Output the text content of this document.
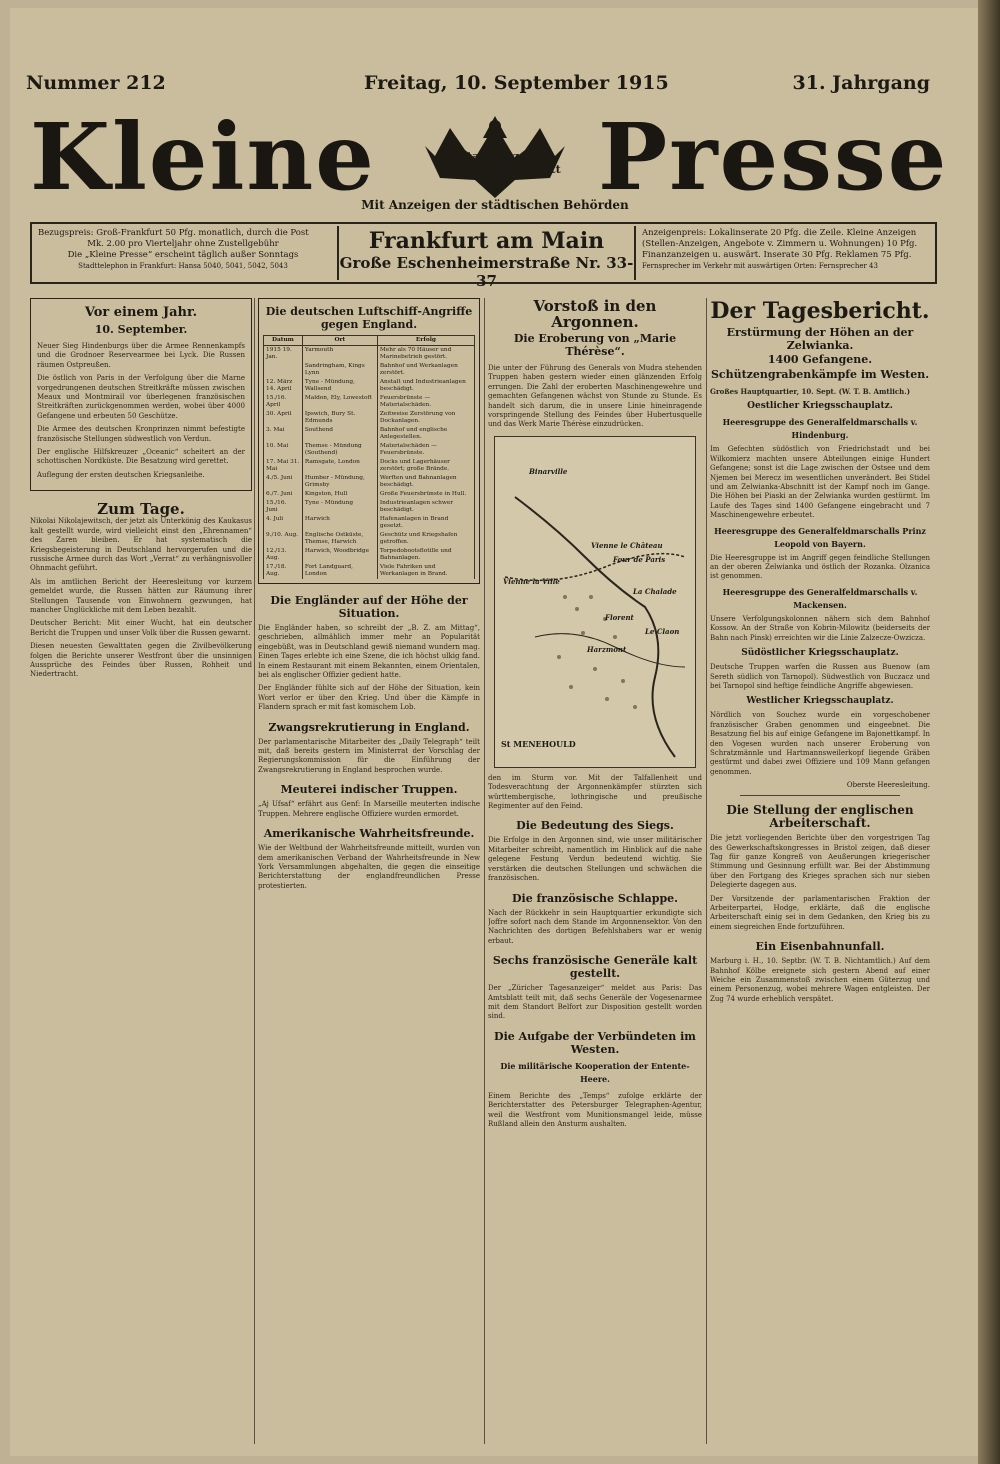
Nummer 212	Freitag, 10. September 1915	31. Jahrgang
Kleine Presse
Stadt-Anzeiger
und Fremdenblatt
Mit Anzeigen der städtischen Behörden
Bezugspreis: Groß-Frankfurt 50 Pfg. monatlich, durch die Post
Mk. 2.00 pro Vierteljahr ohne Zustellgebühr
Die „Kleine Presse“ erscheint täglich außer Sonntags
Stadttelephon in Frankfurt: Hansa 5040, 5041, 5042, 5043
Frankfurt am Main
Große Eschenheimerstraße Nr. 33-37
Anzeigenpreis: Lokalinserate 20 Pfg. die Zeile. Kleine Anzeigen
(Stellen-Anzeigen, Angebote v. Zimmern u. Wohnungen) 10 Pfg.
Finanzanzeigen u. auswärt. Inserate 30 Pfg. Reklamen 75 Pfg.
Fernsprecher im Verkehr mit auswärtigen Orten: Fernsprecher 43
Vor einem Jahr.
10. September.

Neuer Sieg Hindenburgs über die Armee Rennenkampfs und die Grodnoer Reservearmee bei Lyck. Die Russen räumen Ostpreußen.

Die östlich von Paris in der Verfolgung über die Marne vorgedrungenen deutschen Streitkräfte müssen zwischen Meaux und Montmirail vor überlegenen französischen Streitkräften zurückgenommen werden, wobei über 4000 Gefangene und erbeuten 50 Geschütze.

Die Armee des deutschen Kronprinzen nimmt befestigte französische Stellungen südwestlich von Verdun.

Der englische Hilfskreuzer „Oceanic“ scheitert an der schottischen Nordküste. Die Besatzung wird gerettet.

Auflegung der ersten deutschen Kriegsanleihe.

Zum Tage.

Nikolai Nikolajewitsch, der jetzt als Unterkönig des Kaukasus kalt gestellt wurde, wird vielleicht einst den „Ehrennamen“ des Zaren bleiben. Er hat systematisch die Kriegsbegeisterung in Deutschland hervorgerufen und die russische Armee durch das Wort „Verrat“ zu verhängnisvoller Ohnmacht geführt.

Als im amtlichen Bericht der Heeresleitung vor kurzem gemeldet wurde, die Russen hätten zur Räumung ihrer Stellungen Tausende von Einwohnern gezwungen, hat mancher Unglückliche mit dem Leben bezahlt.

Deutscher Bericht: Mit einer Wucht, hat ein deutscher Bericht die Truppen und unser Volk über die Russen gewarnt.

Diesen neuesten Gewalttaten gegen die Zivilbevölkerung folgen die Berichte unserer Westfront über die unsinnigen Aussprüche des Feindes über Russen, Rohheit und Niedertracht.

Die deutschen Luftschiff-Angriffe gegen England.
Datum	Ort	Erfolg
1915 19. Jan.	Yarmouth	Mehr als 70 Häuser und Marinebetrieb gestört.
	Sandringham, Kings Lynn	Bahnhof und Werkanlagen zerstört.
12. März 14. April	Tyne - Mündung, Wallsend	Anstalt und Industrieanlagen beschädigt.
15./16. April	Maldon, Ely, Lowestoft	Feuersbrünste — Materialschäden.
30. April	Ipswich, Bury St. Edmunds	Zeitweise Zerstörung von Dockanlagen.
3. Mai	Southend	Bahnhof und englische Anlegestellen.
10. Mai	Themse - Mündung (Southend)	Materialschäden — Feuersbrünste.
17. Mai 31. Mai	Ramsgate, London	Docks und Lagerhäuser zerstört; große Brände.
4./5. Juni	Humber - Mündung, Grimsby	Werften und Bahnanlagen beschädigt.
6./7. Juni	Kingston, Hull	Große Feuersbrünste in Hull.
15./16. Juni	Tyne - Mündung	Industrieanlagen schwer beschädigt.
4. Juli	Harwich	Hafenanlagen in Brand gesetzt.
9./10. Aug.	Englische Ostküste, Themse, Harwich	Geschütz und Kriegshafen getroffen.
12./13. Aug.	Harwich, Woodbridge	Torpedobootsflotille und Bahnanlagen.
17./18. Aug.	Fort Landguard, London	Viele Fabriken und Werkanlagen in Brand.
Die Engländer auf der Höhe der Situation.

Die Engländer haben, so schreibt der „B. Z. am Mittag“, geschrieben, allmählich immer mehr an Popularität eingebüßt, was in Deutschland gewiß niemand wundern mag. Einen Tages erlebte ich eine Szene, die ich höchst ulkig fand. In einem Restaurant mit einem Bekannten, einem Orientalen, bei als englischer Offizier gedient hatte.

Der Engländer fühlte sich auf der Höhe der Situation, kein Wort verlor er über den Krieg. Und über die Kämpfe in Flandern sprach er mit fast komischem Lob.

Zwangsrekrutierung in England.

Der parlamentarische Mitarbeiter des „Daily Telegraph“ teilt mit, daß bereits gestern im Ministerrat der Vorschlag der Regierungskommission für die Einführung der Zwangsrekrutierung in England besprochen wurde.

Meuterei indischer Truppen.

„Aj Ufsaf“ erfährt aus Genf: In Marseille meuterten indische Truppen. Mehrere englische Offiziere wurden ermordet.

Amerikanische Wahrheitsfreunde.

Wie der Weltbund der Wahrheitsfreunde mitteilt, wurden von dem amerikanischen Verband der Wahrheitsfreunde in New York Versammlungen abgehalten, die gegen die einseitige Berichterstattung der englandfreundlichen Presse protestierten.

Vorstoß in den Argonnen.
Die Eroberung von „Marie Thérèse“.

Die unter der Führung des Generals von Mudra stehenden Truppen haben gestern wieder einen glänzenden Erfolg errungen. Die Zahl der eroberten Maschinengewehre und gemachten Gefangenen wächst von Stunde zu Stunde. Es handelt sich darum, die in unsere Linie hineinragende vorspringende Stellung des Feindes über Hubertusquelle und das Werk Marie Thérèse einzudrücken.

Binarville
Vienne le Château
Four de Paris
La Chalade
Vienne la Ville
Le Claon
Florent
Harzmont
St MENEHOULD

den im Sturm vor. Mit der Talfallenheit und Todesverachtung der Argonnenkämpfer stürzten sich württembergische, lothringische und preußische Regimenter auf den Feind.

Die Bedeutung des Siegs.

Die Erfolge in den Argonnen sind, wie unser militärischer Mitarbeiter schreibt, namentlich im Hinblick auf die nahe gelegene Festung Verdun bedeutend wichtig. Sie verstärken die deutschen Stellungen und schwächen die französischen.

Die französische Schlappe.

Nach der Rückkehr in sein Hauptquartier erkundigte sich Joffre sofort nach dem Stande im Argonnensektor. Von den Nachrichten des dortigen Befehlshabers war er wenig erbaut.

Sechs französische Generäle kalt gestellt.

Der „Züricher Tagesanzeiger“ meldet aus Paris: Das Amtsblatt teilt mit, daß sechs Generäle der Vogesenarmee mit dem Standort Belfort zur Disposition gestellt worden sind.

Die Aufgabe der Verbündeten im Westen.
Die militärische Kooperation der Entente-Heere.

Einem Berichte des „Temps“ zufolge erklärte der Berichterstatter des Petersburger Telegraphen-Agentur, weil die Westfront vom Munitionsmangel leide, müsse Rußland allein den Ansturm aushalten.

Der Tagesbericht.
Erstürmung der Höhen an der Zelwianka.
1400 Gefangene.
Schützengrabenkämpfe im Westen.

Großes Hauptquartier, 10. Sept. (W. T. B. Amtlich.)

Oestlicher Kriegsschauplatz.
Heeresgruppe des Generalfeldmarschalls v. Hindenburg.

Im Gefechten südöstlich von Friedrichstadt und bei Wilkomierz machten unsere Abteilungen einige Hundert Gefangene; sonst ist die Lage zwischen der Ostsee und dem Njemen bei Merecz im wesentlichen unverändert. Bei Stidel und am Zelwianka-Abschnitt ist der Kampf noch im Gange. Die Höhen bei Piaski an der Zelwianka wurden gestürmt. Im Laufe des Tages sind 1400 Gefangene eingebracht und 7 Maschinengewehre erbeutet.

Heeresgruppe des Generalfeldmarschalls Prinz Leopold von Bayern.

Die Heeresgruppe ist im Angriff gegen feindliche Stellungen an der oberen Zelwianka und östlich der Rozanka. Olzanica ist genommen.

Heeresgruppe des Generalfeldmarschalls v. Mackensen.

Unsere Verfolgungskolonnen nähern sich dem Bahnhof Kossow. An der Straße von Kobrin-Milowitz (beiderseits der Bahn nach Pinsk) erreichten wir die Linie Zalzecze-Owzicza.

Südöstlicher Kriegsschauplatz.

Deutsche Truppen warfen die Russen aus Buenow (am Sereth südlich von Tarnopol). Südwestlich von Buczacz und bei Tarnopol sind heftige feindliche Angriffe abgewiesen.

Westlicher Kriegsschauplatz.

Nördlich von Souchez wurde ein vorgeschobener französischer Graben genommen und eingeebnet. Die Besatzung fiel bis auf einige Gefangene im Bajonettkampf. In den Vogesen wurden nach unserer Eroberung von Schratzmännle und Hartmannsweilerkopf liegende Gräben gestürmt und dabei zwei Offiziere und 109 Mann gefangen genommen.

Oberste Heeresleitung.
Die Stellung der englischen Arbeiterschaft.

Die jetzt vorliegenden Berichte über den vorgestrigen Tag des Gewerkschaftskongresses in Bristol zeigen, daß dieser Tag für ganze Kongreß von Aeußerungen kriegerischer Stimmung und Gesinnung erfüllt war. Bei der Abstimmung über den Fortgang des Krieges sprachen sich nur sieben Delegierte dagegen aus.

Der Vorsitzende der parlamentarischen Fraktion der Arbeiterpartei, Hodge, erklärte, daß die englische Arbeiterschaft einig sei in dem Gedanken, den Krieg bis zu einem siegreichen Ende fortzuführen.

Ein Eisenbahnunfall.

Marburg i. H., 10. Septbr. (W. T. B. Nichtamtlich.) Auf dem Bahnhof Kölbe ereignete sich gestern Abend auf einer Weiche ein Zusammenstoß zwischen einem Güterzug und einem Personenzug, wobei mehrere Wagen entgleisten. Der Zug 74 wurde erheblich verspätet.
